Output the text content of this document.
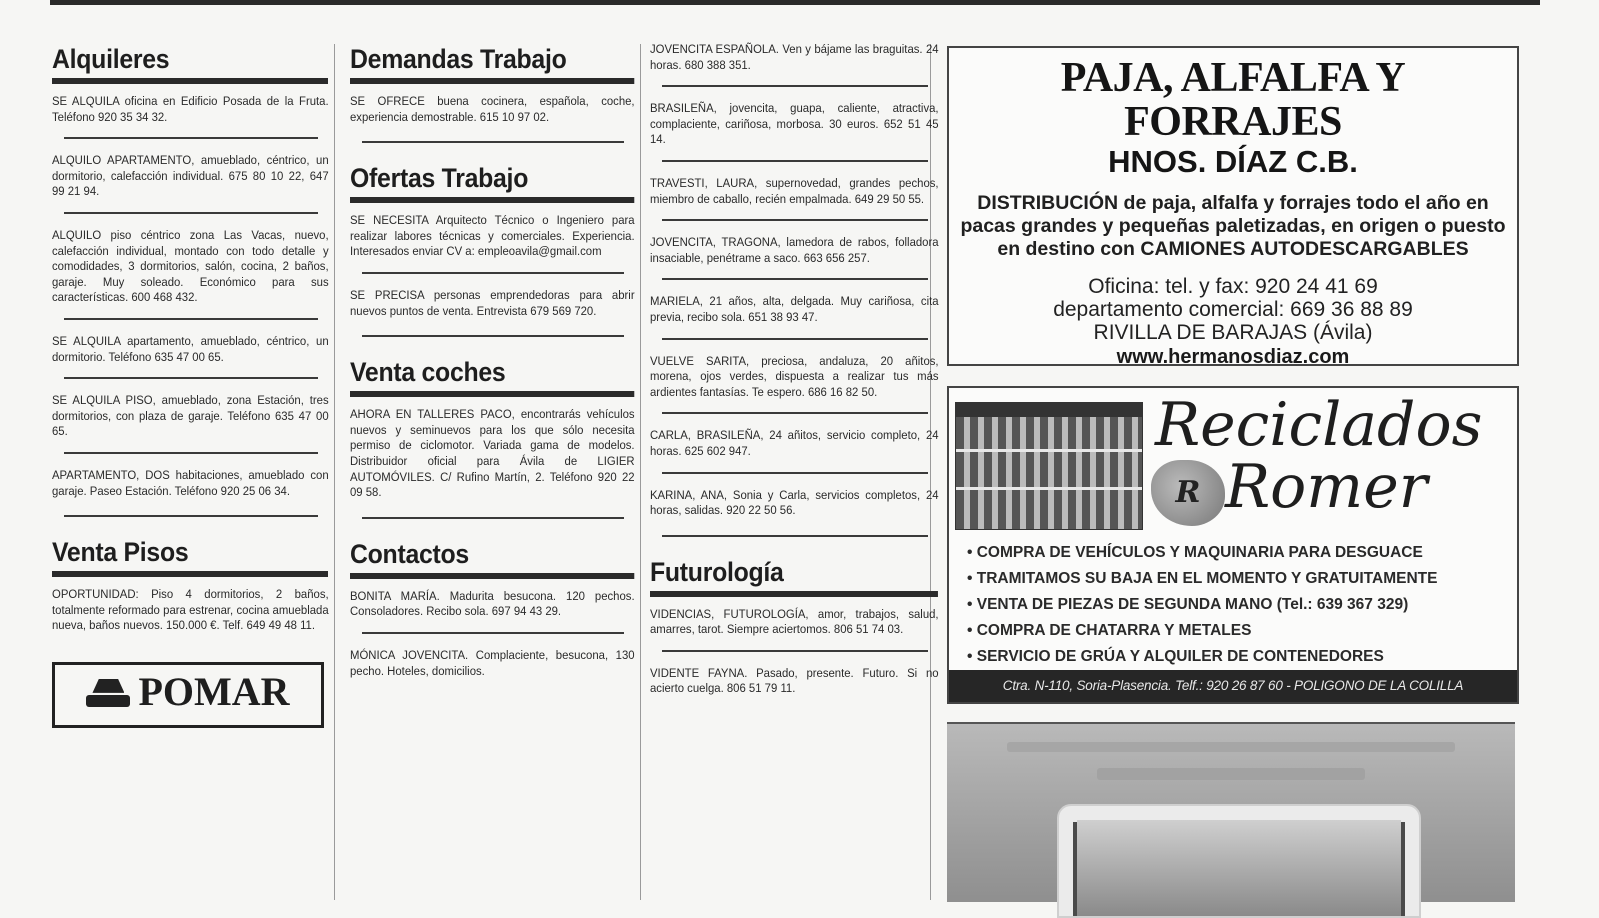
Alquileres

SE ALQUILA oficina en Edificio Posada de la Fruta. Teléfono 920 35 34 32.

ALQUILO APARTAMENTO, amueblado, céntrico, un dormitorio, calefacción individual. 675 80 10 22, 647 99 21 94.

ALQUILO piso céntrico zona Las Vacas, nuevo, calefacción individual, montado con todo detalle y comodidades, 3 dormitorios, salón, cocina, 2 baños, garaje. Muy soleado. Económico para sus características. 600 468 432.

SE ALQUILA apartamento, amueblado, céntrico, un dormitorio. Teléfono 635 47 00 65.

SE ALQUILA PISO, amueblado, zona Estación, tres dormitorios, con plaza de garaje. Teléfono 635 47 00 65.

APARTAMENTO, DOS habitaciones, amueblado con garaje. Paseo Estación. Teléfono 920 25 06 34.

Venta Pisos

OPORTUNIDAD: Piso 4 dormitorios, 2 baños, totalmente reformado para estrenar, cocina amueblada nueva, baños nuevos. 150.000 €. Telf. 649 49 48 11.

POMAR
Demandas Trabajo

SE OFRECE buena cocinera, española, coche, experiencia demostrable. 615 10 97 02.

Ofertas Trabajo

SE NECESITA Arquitecto Técnico o Ingeniero para realizar labores técnicas y comerciales. Experiencia. Interesados enviar CV a: empleoavila@gmail.com

SE PRECISA personas emprendedoras para abrir nuevos puntos de venta. Entrevista 679 569 720.

Venta coches

AHORA EN TALLERES PACO, encontrarás vehículos nuevos y seminuevos para los que sólo necesita permiso de ciclomotor. Variada gama de modelos. Distribuidor oficial para Ávila de LIGIER AUTOMÓVILES. C/ Rufino Martín, 2. Teléfono 920 22 09 58.

Contactos

BONITA MARÍA. Madurita besucona. 120 pechos. Consoladores. Recibo sola. 697 94 43 29.

MÓNICA JOVENCITA. Complaciente, besucona, 130 pecho. Hoteles, domicilios.

JOVENCITA ESPAÑOLA. Ven y bájame las braguitas. 24 horas. 680 388 351.

BRASILEÑA, jovencita, guapa, caliente, atractiva, complaciente, cariñosa, morbosa. 30 euros. 652 51 45 14.

TRAVESTI, LAURA, supernovedad, grandes pechos, miembro de caballo, recién empalmada. 649 29 50 55.

JOVENCITA, TRAGONA, lamedora de rabos, folladora insaciable, penétrame a saco. 663 656 257.

MARIELA, 21 años, alta, delgada. Muy cariñosa, cita previa, recibo sola. 651 38 93 47.

VUELVE SARITA, preciosa, andaluza, 20 añitos, morena, ojos verdes, dispuesta a realizar tus más ardientes fantasías. Te espero. 686 16 82 50.

CARLA, BRASILEÑA, 24 añitos, servicio completo, 24 horas. 625 602 947.

KARINA, ANA, Sonia y Carla, servicios completos, 24 horas, salidas. 920 22 50 56.

Futurología

VIDENCIAS, FUTUROLOGÍA, amor, trabajos, salud, amarres, tarot. Siempre aciertomos. 806 51 74 03.

VIDENTE FAYNA. Pasado, presente. Futuro. Si no acierto cuelga. 806 51 79 11.

PAJA, ALFALFA Y FORRAJES
HNOS. DÍAZ C.B.
DISTRIBUCIÓN de paja, alfalfa y forrajes todo el año en pacas grandes y pequeñas paletizadas, en origen o puesto en destino con CAMIONES AUTODESCARGABLES
Oficina: tel. y fax: 920 24 41 69
departamento comercial: 669 36 88 89
RIVILLA DE BARAJAS (Ávila)
www.hermanosdiaz.com
Reciclados
Romer
R
• COMPRA DE VEHÍCULOS Y MAQUINARIA PARA DESGUACE
• TRAMITAMOS SU BAJA EN EL MOMENTO Y GRATUITAMENTE
• VENTA DE PIEZAS DE SEGUNDA MANO (Tel.: 639 367 329)
• COMPRA DE CHATARRA Y METALES
• SERVICIO DE GRÚA Y ALQUILER DE CONTENEDORES
Ctra. N-110, Soria-Plasencia. Telf.: 920 26 87 60 - POLIGONO DE LA COLILLA
